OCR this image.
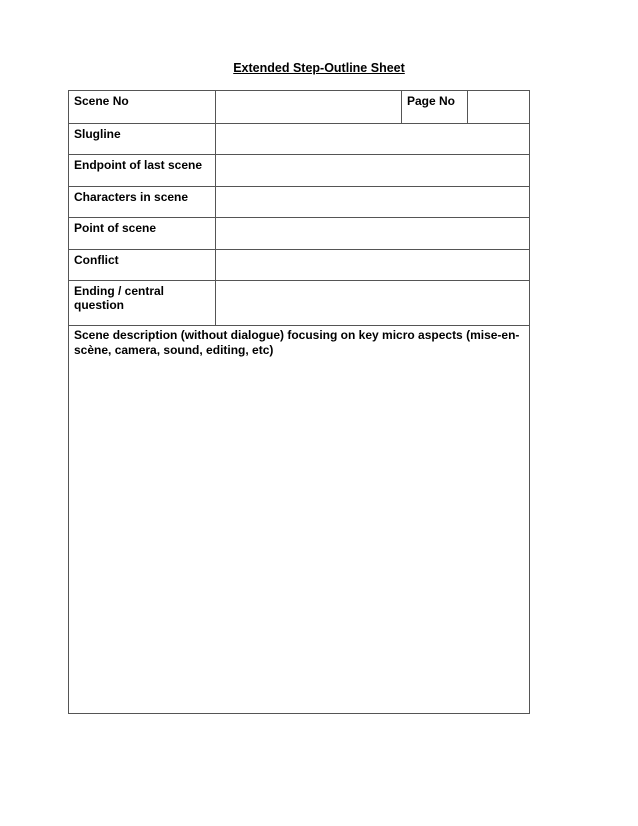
Extended Step-Outline Sheet
Scene No	Page No
Slugline
Endpoint of last scene
Characters in scene
Point of scene
Conflict
Ending / central question
Scene description (without dialogue) focusing on key micro aspects (mise-en-scène, camera, sound, editing, etc)
